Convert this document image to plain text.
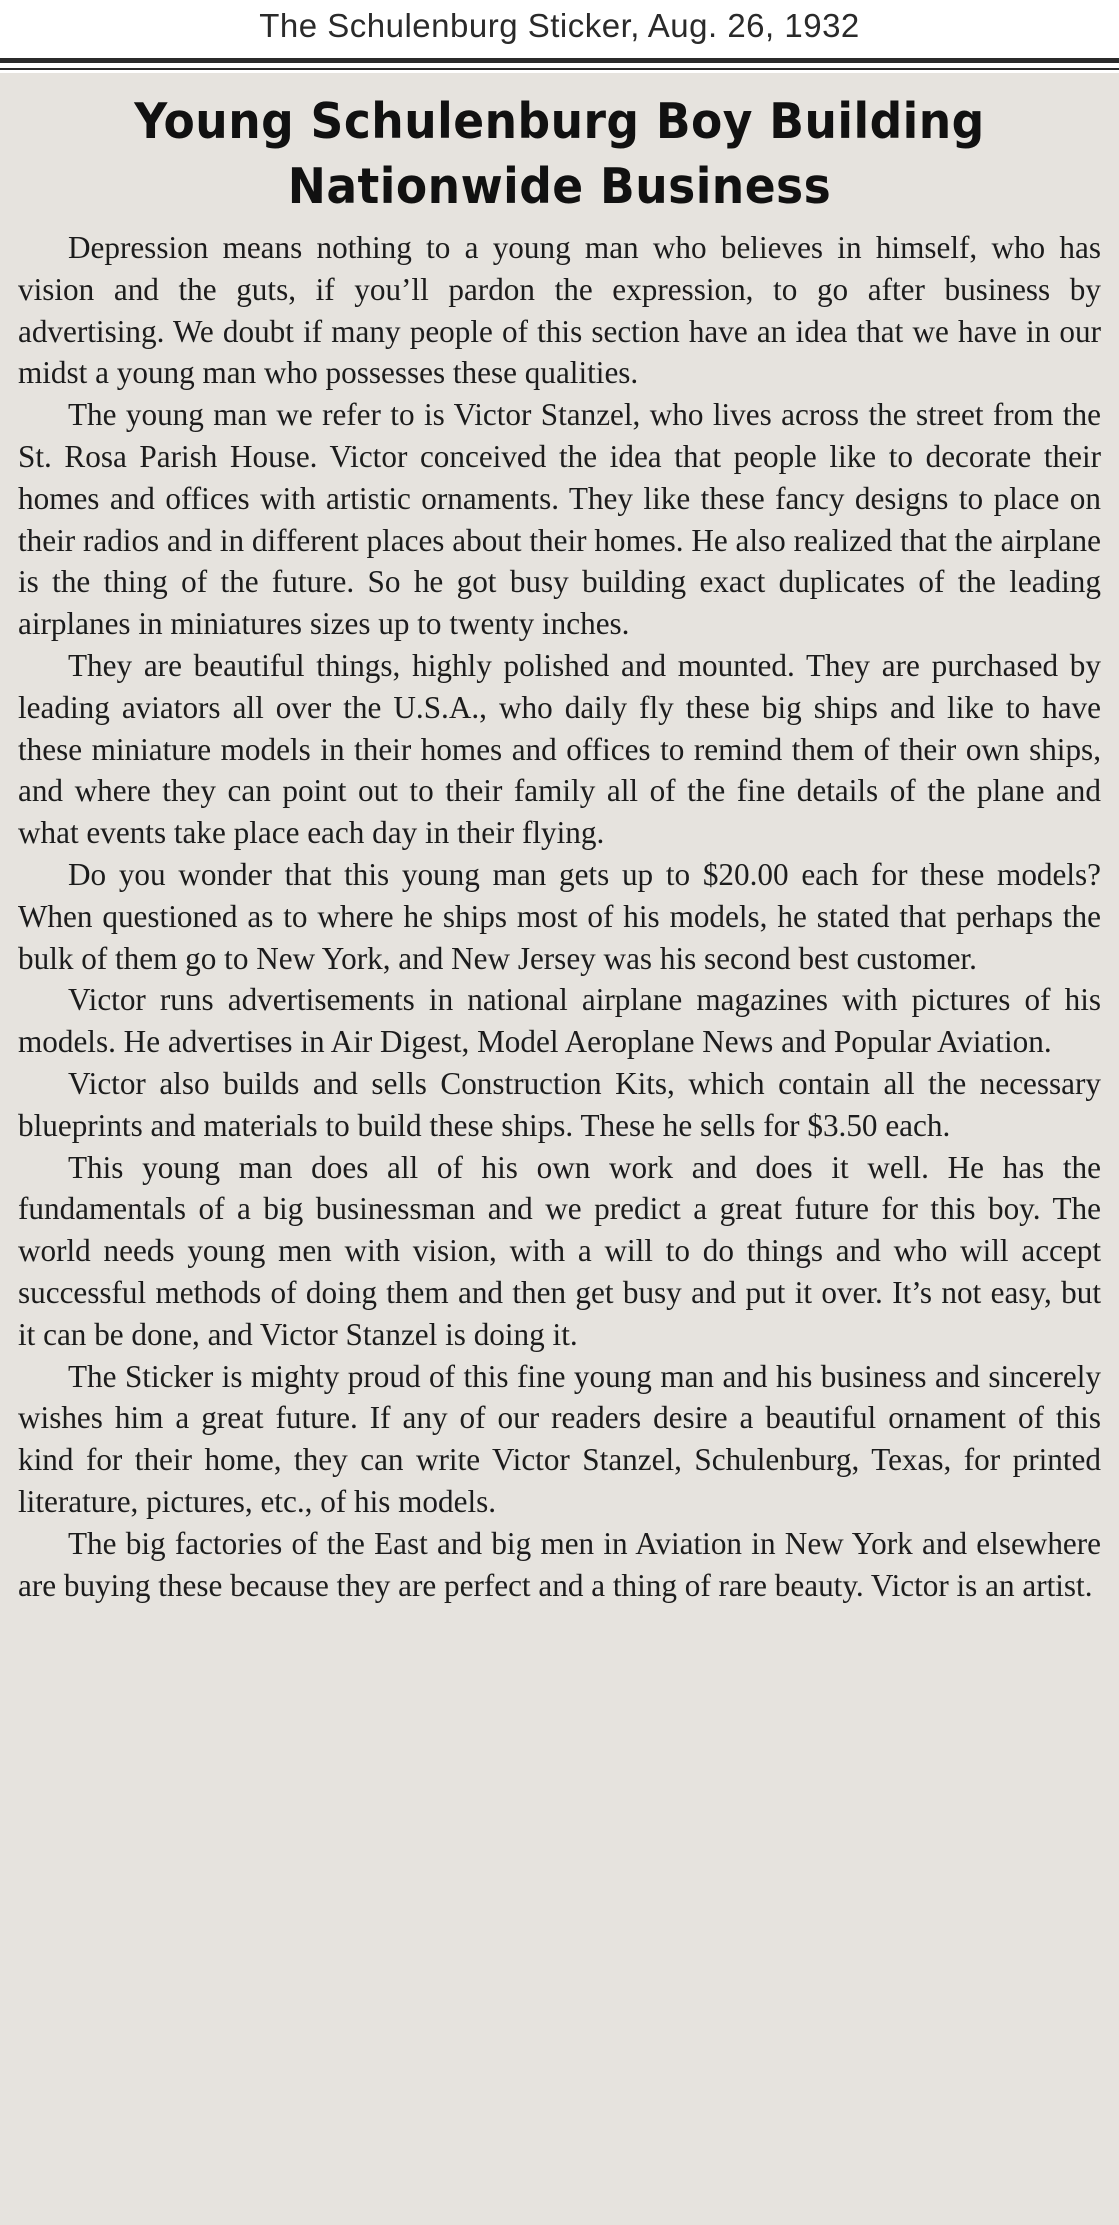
The Schulenburg Sticker, Aug. 26, 1932
Young Schulenburg Boy Building
Nationwide Business

Depression means nothing to a young man who believes in himself, who has vision and the guts, if you’ll pardon the expression, to go after business by advertising. We doubt if many people of this section have an idea that we have in our midst a young man who possesses these qualities.

The young man we refer to is Victor Stanzel, who lives across the street from the St. Rosa Parish House. Victor conceived the idea that people like to decorate their homes and offices with artistic ornaments. They like these fancy designs to place on their radios and in different places about their homes. He also realized that the airplane is the thing of the future. So he got busy building exact duplicates of the leading airplanes in miniatures sizes up to twenty inches.

They are beautiful things, highly polished and mounted. They are purchased by leading aviators all over the U.S.A., who daily fly these big ships and like to have these miniature models in their homes and offices to remind them of their own ships, and where they can point out to their family all of the fine details of the plane and what events take place each day in their flying.

Do you wonder that this young man gets up to $20.00 each for these models? When questioned as to where he ships most of his models, he stated that perhaps the bulk of them go to New York, and New Jersey was his second best customer.

Victor runs advertisements in national airplane magazines with pictures of his models. He advertises in Air Digest, Model Aeroplane News and Popular Aviation.

Victor also builds and sells Construction Kits, which contain all the necessary blueprints and materials to build these ships. These he sells for $3.50 each.

This young man does all of his own work and does it well. He has the fundamentals of a big businessman and we predict a great future for this boy. The world needs young men with vision, with a will to do things and who will accept successful methods of doing them and then get busy and put it over. It’s not easy, but it can be done, and Victor Stanzel is doing it.

The Sticker is mighty proud of this fine young man and his business and sincerely wishes him a great future. If any of our readers desire a beautiful ornament of this kind for their home, they can write Victor Stanzel, Schulenburg, Texas, for printed literature, pictures, etc., of his models.

The big factories of the East and big men in Aviation in New York and elsewhere are buying these because they are perfect and a thing of rare beauty. Victor is an artist.
